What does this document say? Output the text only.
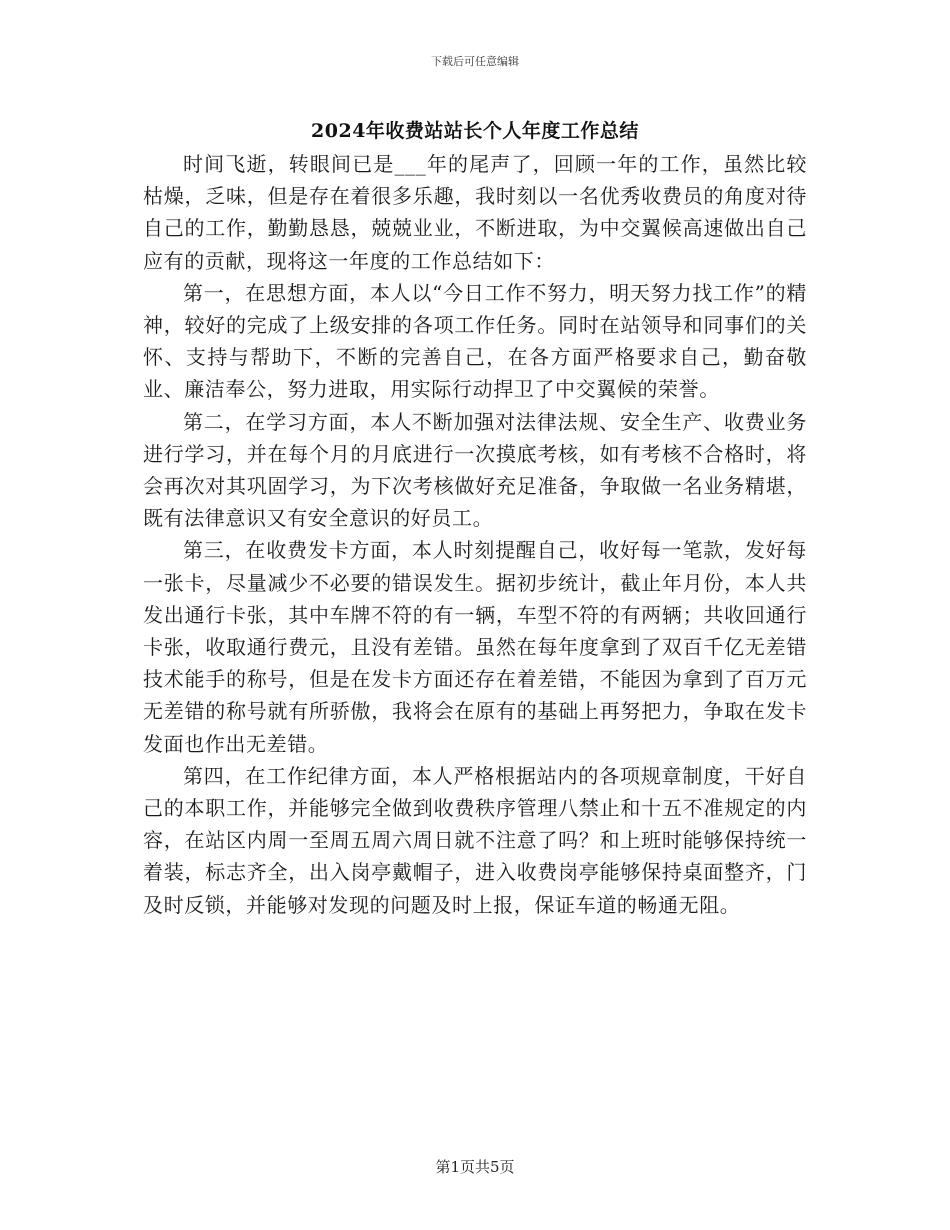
下载后可任意编辑
2024年收费站站长个人年度工作总结

时间飞逝，转眼间已是___年的尾声了，回顾一年的工作，虽然比较枯燥，乏味，但是存在着很多乐趣，我时刻以一名优秀收费员的角度对待自己的工作，勤勤恳恳，兢兢业业，不断进取，为中交翼候高速做出自己应有的贡献，现将这一年度的工作总结如下：

第一，在思想方面，本人以“今日工作不努力，明天努力找工作”的精神，较好的完成了上级安排的各项工作任务。同时在站领导和同事们的关怀、支持与帮助下，不断的完善自己，在各方面严格要求自己，勤奋敬业、廉洁奉公，努力进取，用实际行动捍卫了中交翼候的荣誉。

第二，在学习方面，本人不断加强对法律法规、安全生产、收费业务进行学习，并在每个月的月底进行一次摸底考核，如有考核不合格时，将会再次对其巩固学习，为下次考核做好充足准备，争取做一名业务精堪，既有法律意识又有安全意识的好员工。

第三，在收费发卡方面，本人时刻提醒自己，收好每一笔款，发好每一张卡，尽量减少不必要的错误发生。据初步统计，截止年月份，本人共发出通行卡张，其中车牌不符的有一辆，车型不符的有两辆；共收回通行卡张，收取通行费元，且没有差错。虽然在每年度拿到了双百千亿无差错技术能手的称号，但是在发卡方面还存在着差错，不能因为拿到了百万元无差错的称号就有所骄傲，我将会在原有的基础上再努把力，争取在发卡发面也作出无差错。

第四，在工作纪律方面，本人严格根据站内的各项规章制度，干好自己的本职工作，并能够完全做到收费秩序管理八禁止和十五不准规定的内容，在站区内周一至周五周六周日就不注意了吗？和上班时能够保持统一着装，标志齐全，出入岗亭戴帽子，进入收费岗亭能够保持桌面整齐，门及时反锁，并能够对发现的问题及时上报，保证车道的畅通无阻。

第1页共5页
